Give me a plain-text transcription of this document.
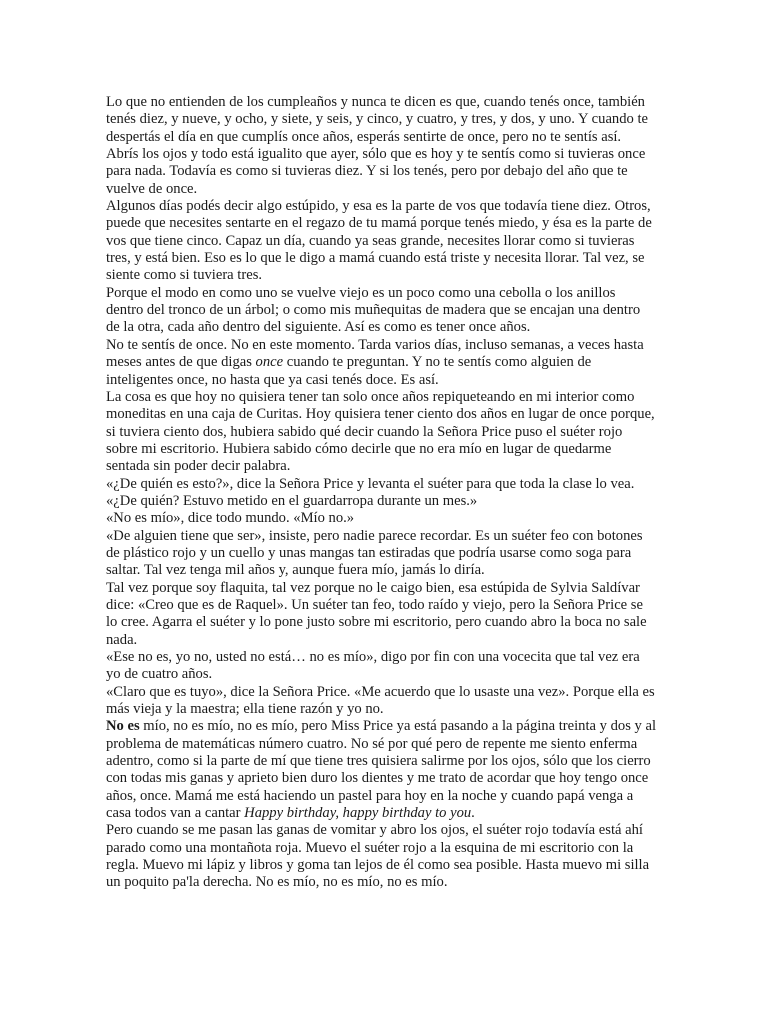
Lo que no entienden de los cumpleaños y nunca te dicen es que, cuando tenés once, también tenés diez, y nueve, y ocho, y siete, y seis, y cinco, y cuatro, y tres, y dos, y uno. Y cuando te despertás el día en que cumplís once años, esperás sentirte de once, pero no te sentís así. Abrís los ojos y todo está igualito que ayer, sólo que es hoy y te sentís como si tuvieras once para nada. Todavía es como si tuvieras diez. Y si los tenés, pero por debajo del año que te vuelve de once.

Algunos días podés decir algo estúpido, y esa es la parte de vos que todavía tiene diez. Otros, puede que necesites sentarte en el regazo de tu mamá porque tenés miedo, y ésa es la parte de vos que tiene cinco. Capaz un día, cuando ya seas grande, necesites llorar como si tuvieras tres, y está bien. Eso es lo que le digo a mamá cuando está triste y necesita llorar. Tal vez, se siente como si tuviera tres.

Porque el modo en como uno se vuelve viejo es un poco como una cebolla o los anillos dentro del tronco de un árbol; o como mis muñequitas de madera que se encajan una dentro de la otra, cada año dentro del siguiente. Así es como es tener once años.

No te sentís de once. No en este momento. Tarda varios días, incluso semanas, a veces hasta meses antes de que digas once cuando te preguntan. Y no te sentís como alguien de inteligentes once, no hasta que ya casi tenés doce. Es así.

La cosa es que hoy no quisiera tener tan solo once años repiqueteando en mi interior como moneditas en una caja de Curitas. Hoy quisiera tener ciento dos años en lugar de once porque, si tuviera ciento dos, hubiera sabido qué decir cuando la Señora Price puso el suéter rojo sobre mi escritorio. Hubiera sabido cómo decirle que no era mío en lugar de quedarme sentada sin poder decir palabra.

«¿De quién es esto?», dice la Señora Price y levanta el suéter para que toda la clase lo vea.

«¿De quién? Estuvo metido en el guardarropa durante un mes.»

«No es mío», dice todo mundo. «Mío no.»

«De alguien tiene que ser», insiste, pero nadie parece recordar. Es un suéter feo con botones de plástico rojo y un cuello y unas mangas tan estiradas que podría usarse como soga para saltar. Tal vez tenga mil años y, aunque fuera mío, jamás lo diría.

Tal vez porque soy flaquita, tal vez porque no le caigo bien, esa estúpida de Sylvia Saldívar dice: «Creo que es de Raquel». Un suéter tan feo, todo raído y viejo, pero la Señora Price se lo cree. Agarra el suéter y lo pone justo sobre mi escritorio, pero cuando abro la boca no sale nada.

«Ese no es, yo no, usted no está… no es mío», digo por fin con una vocecita que tal vez era yo de cuatro años.

«Claro que es tuyo», dice la Señora Price. «Me acuerdo que lo usaste una vez». Porque ella es más vieja y la maestra; ella tiene razón y yo no.

No es mío, no es mío, no es mío, pero Miss Price ya está pasando a la página treinta y dos y al problema de matemáticas número cuatro. No sé por qué pero de repente me siento enferma adentro, como si la parte de mí que tiene tres quisiera salirme por los ojos, sólo que los cierro con todas mis ganas y aprieto bien duro los dientes y me trato de acordar que hoy tengo once años, once. Mamá me está haciendo un pastel para hoy en la noche y cuando papá venga a casa todos van a cantar Happy birthday, happy birthday to you.

Pero cuando se me pasan las ganas de vomitar y abro los ojos, el suéter rojo todavía está ahí parado como una montañota roja. Muevo el suéter rojo a la esquina de mi escritorio con la regla. Muevo mi lápiz y libros y goma tan lejos de él como sea posible. Hasta muevo mi silla un poquito pa'la derecha. No es mío, no es mío, no es mío.
